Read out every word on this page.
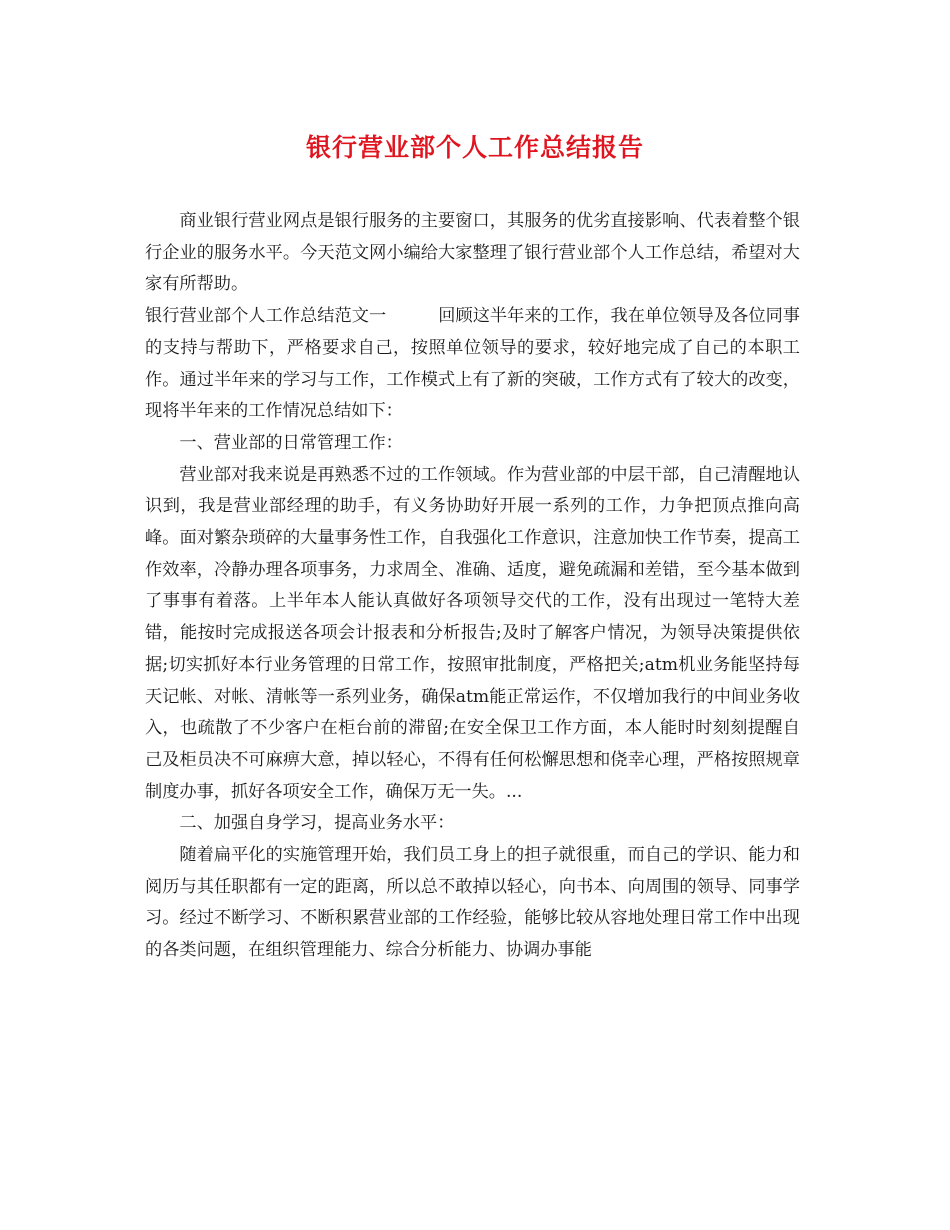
银行营业部个人工作总结报告

商业银行营业网点是银行服务的主要窗口，其服务的优劣直接影响、代表着整个银行企业的服务水平。今天范文网小编给大家整理了银行营业部个人工作总结，希望对大家有所帮助。

银行营业部个人工作总结范文一	回顾这半年来的工作，我在单位领导及各位同事的支持与帮助下，严格要求自己，按照单位领导的要求，较好地完成了自己的本职工作。通过半年来的学习与工作，工作模式上有了新的突破，工作方式有了较大的改变，现将半年来的工作情况总结如下：

一、营业部的日常管理工作：

营业部对我来说是再熟悉不过的工作领域。作为营业部的中层干部，自己清醒地认识到，我是营业部经理的助手，有义务协助好开展一系列的工作，力争把顶点推向高峰。面对繁杂琐碎的大量事务性工作，自我强化工作意识，注意加快工作节奏，提高工作效率，冷静办理各项事务，力求周全、准确、适度，避免疏漏和差错，至今基本做到了事事有着落。上半年本人能认真做好各项领导交代的工作，没有出现过一笔特大差错，能按时完成报送各项会计报表和分析报告;及时了解客户情况，为领导决策提供依据;切实抓好本行业务管理的日常工作，按照审批制度，严格把关;atm机业务能坚持每天记帐、对帐、清帐等一系列业务，确保atm能正常运作，不仅增加我行的中间业务收入，也疏散了不少客户在柜台前的滞留;在安全保卫工作方面，本人能时时刻刻提醒自己及柜员决不可麻痹大意，掉以轻心，不得有任何松懈思想和侥幸心理，严格按照规章制度办事，抓好各项安全工作，确保万无一失。...

二、加强自身学习，提高业务水平：

随着扁平化的实施管理开始，我们员工身上的担子就很重，而自己的学识、能力和阅历与其任职都有一定的距离，所以总不敢掉以轻心，向书本、向周围的领导、同事学习。经过不断学习、不断积累营业部的工作经验，能够比较从容地处理日常工作中出现的各类问题，在组织管理能力、综合分析能力、协调办事能
